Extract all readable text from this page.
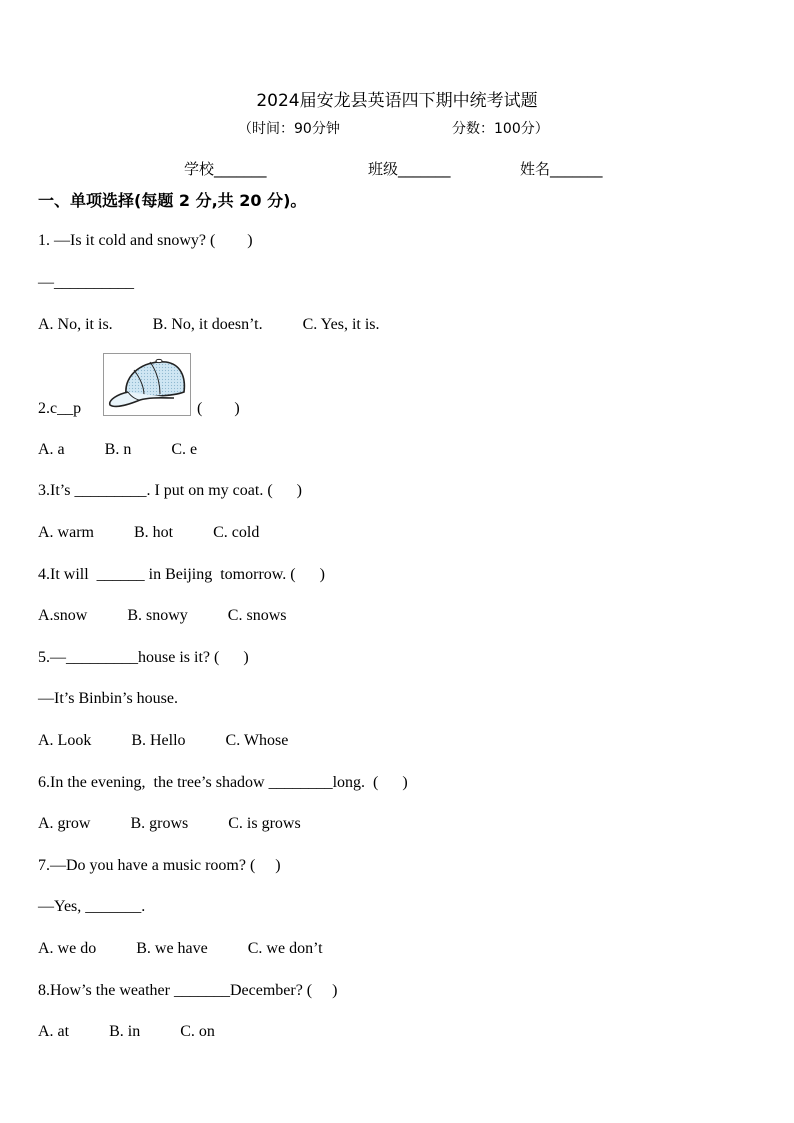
2024届安龙县英语四下期中统考试题
（时间：90分钟	分数：100分）
学校_______	班级_______	姓名_______
一、单项选择(每题 2 分,共 20 分)。
1. —Is it cold and snowy? (        )
—__________
A. No, it is.          B. No, it doesn’t.          C. Yes, it is.
2.c__p	(        )
A. a          B. n          C. e
3.It’s _________. I put on my coat. (      )
A. warm          B. hot          C. cold
4.It will  ______ in Beijing  tomorrow. (      )
A.snow          B. snowy          C. snows
5.—_________house is it? (      )
—It’s Binbin’s house.
A. Look          B. Hello          C. Whose
6.In the evening,  the tree’s shadow ________long.  (      )
A. grow          B. grows          C. is grows
7.—Do you have a music room? (     )
—Yes, _______.
A. we do          B. we have          C. we don’t
8.How’s the weather _______December? (     )
A. at          B. in          C. on
